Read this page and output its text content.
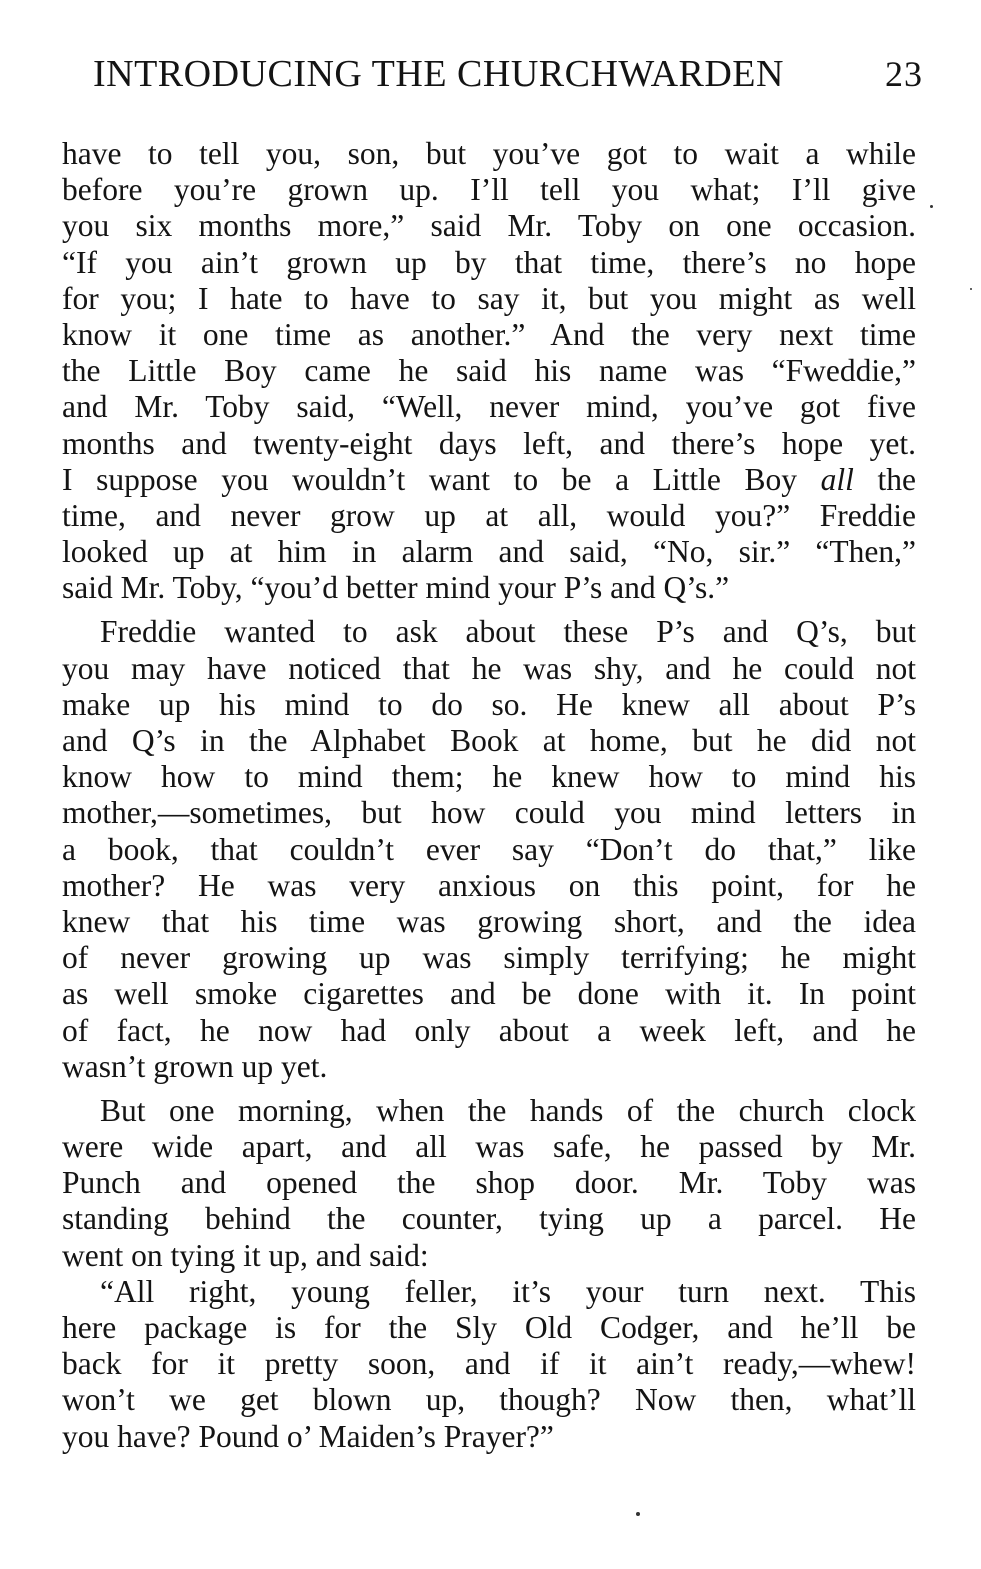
INTRODUCING THE CHURCHWARDEN	23
have to tell you, son, but you’ve got to wait a while
before you’re grown up. I’ll tell you what; I’ll give
you six months more,” said Mr. Toby on one occasion.
“If you ain’t grown up by that time, there’s no hope
for you; I hate to have to say it, but you might as well
know it one time as another.” And the very next time
the Little Boy came he said his name was “Fweddie,”
and Mr. Toby said, “Well, never mind, you’ve got five
months and twenty-eight days left, and there’s hope yet.
I suppose you wouldn’t want to be a Little Boy all the
time, and never grow up at all, would you?” Freddie
looked up at him in alarm and said, “No, sir.” “Then,”
said Mr. Toby, “you’d better mind your P’s and Q’s.”
Freddie wanted to ask about these P’s and Q’s, but
you may have noticed that he was shy, and he could not
make up his mind to do so. He knew all about P’s
and Q’s in the Alphabet Book at home, but he did not
know how to mind them; he knew how to mind his
mother,—sometimes, but how could you mind letters in
a book, that couldn’t ever say “Don’t do that,” like
mother? He was very anxious on this point, for he
knew that his time was growing short, and the idea
of never growing up was simply terrifying; he might
as well smoke cigarettes and be done with it. In point
of fact, he now had only about a week left, and he
wasn’t grown up yet.
But one morning, when the hands of the church clock
were wide apart, and all was safe, he passed by Mr.
Punch and opened the shop door. Mr. Toby was
standing behind the counter, tying up a parcel. He
went on tying it up, and said:
“All right, young feller, it’s your turn next. This
here package is for the Sly Old Codger, and he’ll be
back for it pretty soon, and if it ain’t ready,—whew!
won’t we get blown up, though? Now then, what’ll
you have? Pound o’ Maiden’s Prayer?”
